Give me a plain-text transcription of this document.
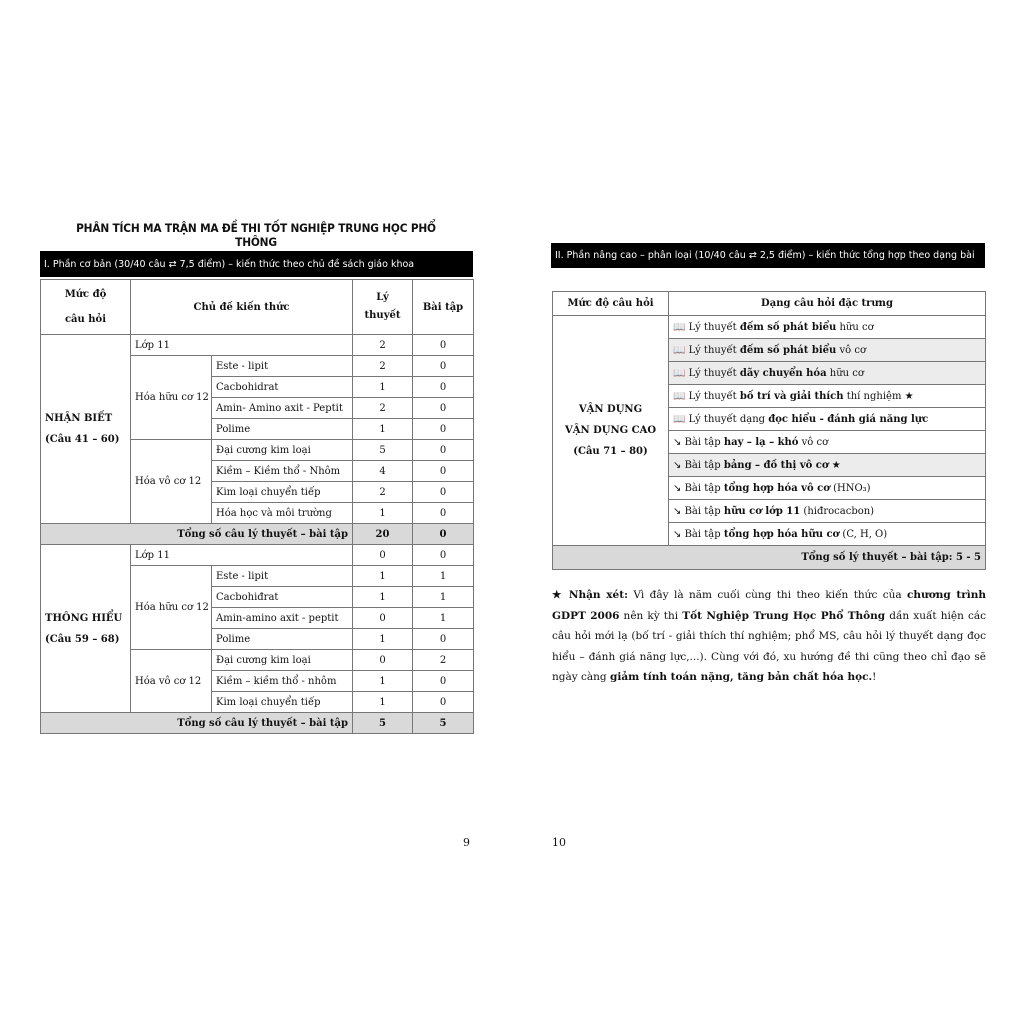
PHÂN TÍCH MA TRẬN MA ĐỀ THI TỐT NGHIỆP TRUNG HỌC PHỔ THÔNG
I. Phần cơ bản (30/40 câu ⇄ 7,5 điểm) – kiến thức theo chủ đề sách giáo khoa
Mức độ
câu hỏi	Chủ đề kiến thức		Lý
thuyết	Bài tập
NHẬN BIẾT
(Câu 41 – 60)	Lớp 11		2	0
	Hóa hữu cơ 12	Este - lipit	2	0
		Cacbohidrat	1	0
		Amin- Amino axit - Peptit	2	0
		Polime	1	0
	Hóa vô cơ 12	Đại cương kim loại	5	0
		Kiềm – Kiềm thổ - Nhôm	4	0
		Kim loại chuyển tiếp	2	0
		Hóa học và môi trường	1	0
Tổng số câu lý thuyết – bài tập			20	0
THÔNG HIỂU
(Câu 59 – 68)	Lớp 11		0	0
	Hóa hữu cơ 12	Este - lipit	1	1
		Cacbohiđrat	1	1
		Amin-amino axit - peptit	0	1
		Polime	1	0
	Hóa vô cơ 12	Đại cương kim loại	0	2
		Kiềm – kiềm thổ - nhôm	1	0
		Kim loại chuyển tiếp	1	0
Tổng số câu lý thuyết – bài tập			5	5
9
II. Phần nâng cao – phân loại (10/40 câu ⇄ 2,5 điểm) – kiến thức tổng hợp theo dạng bài
Mức độ câu hỏi	Dạng câu hỏi đặc trưng
VẬN DỤNG
VẬN DỤNG CAO
(Câu 71 – 80)	📖 Lý thuyết đếm số phát biểu hữu cơ
	📖 Lý thuyết đếm số phát biểu vô cơ
	📖 Lý thuyết dãy chuyển hóa hữu cơ
	📖 Lý thuyết bố trí và giải thích thí nghiệm ★
	📖 Lý thuyết dạng đọc hiểu - đánh giá năng lực
	↘ Bài tập hay – lạ – khó vô cơ
	↘ Bài tập bảng – đồ thị vô cơ ★
	↘ Bài tập tổng hợp hóa vô cơ (HNO₃)
	↘ Bài tập hữu cơ lớp 11 (hiđrocacbon)
	↘ Bài tập tổng hợp hóa hữu cơ (C, H, O)
Tổng số lý thuyết – bài tập: 5 - 5	
★ Nhận xét: Vì đây là năm cuối cùng thi theo kiến thức của chương trình GDPT 2006 nên kỳ thi Tốt Nghiệp Trung Học Phổ Thông dần xuất hiện các câu hỏi mới lạ (bố trí - giải thích thí nghiệm; phổ MS, câu hỏi lý thuyết dạng đọc hiểu – đánh giá năng lực,...). Cùng với đó, xu hướng đề thi cũng theo chỉ đạo sẽ ngày càng giảm tính toán nặng, tăng bản chất hóa học.!
10
